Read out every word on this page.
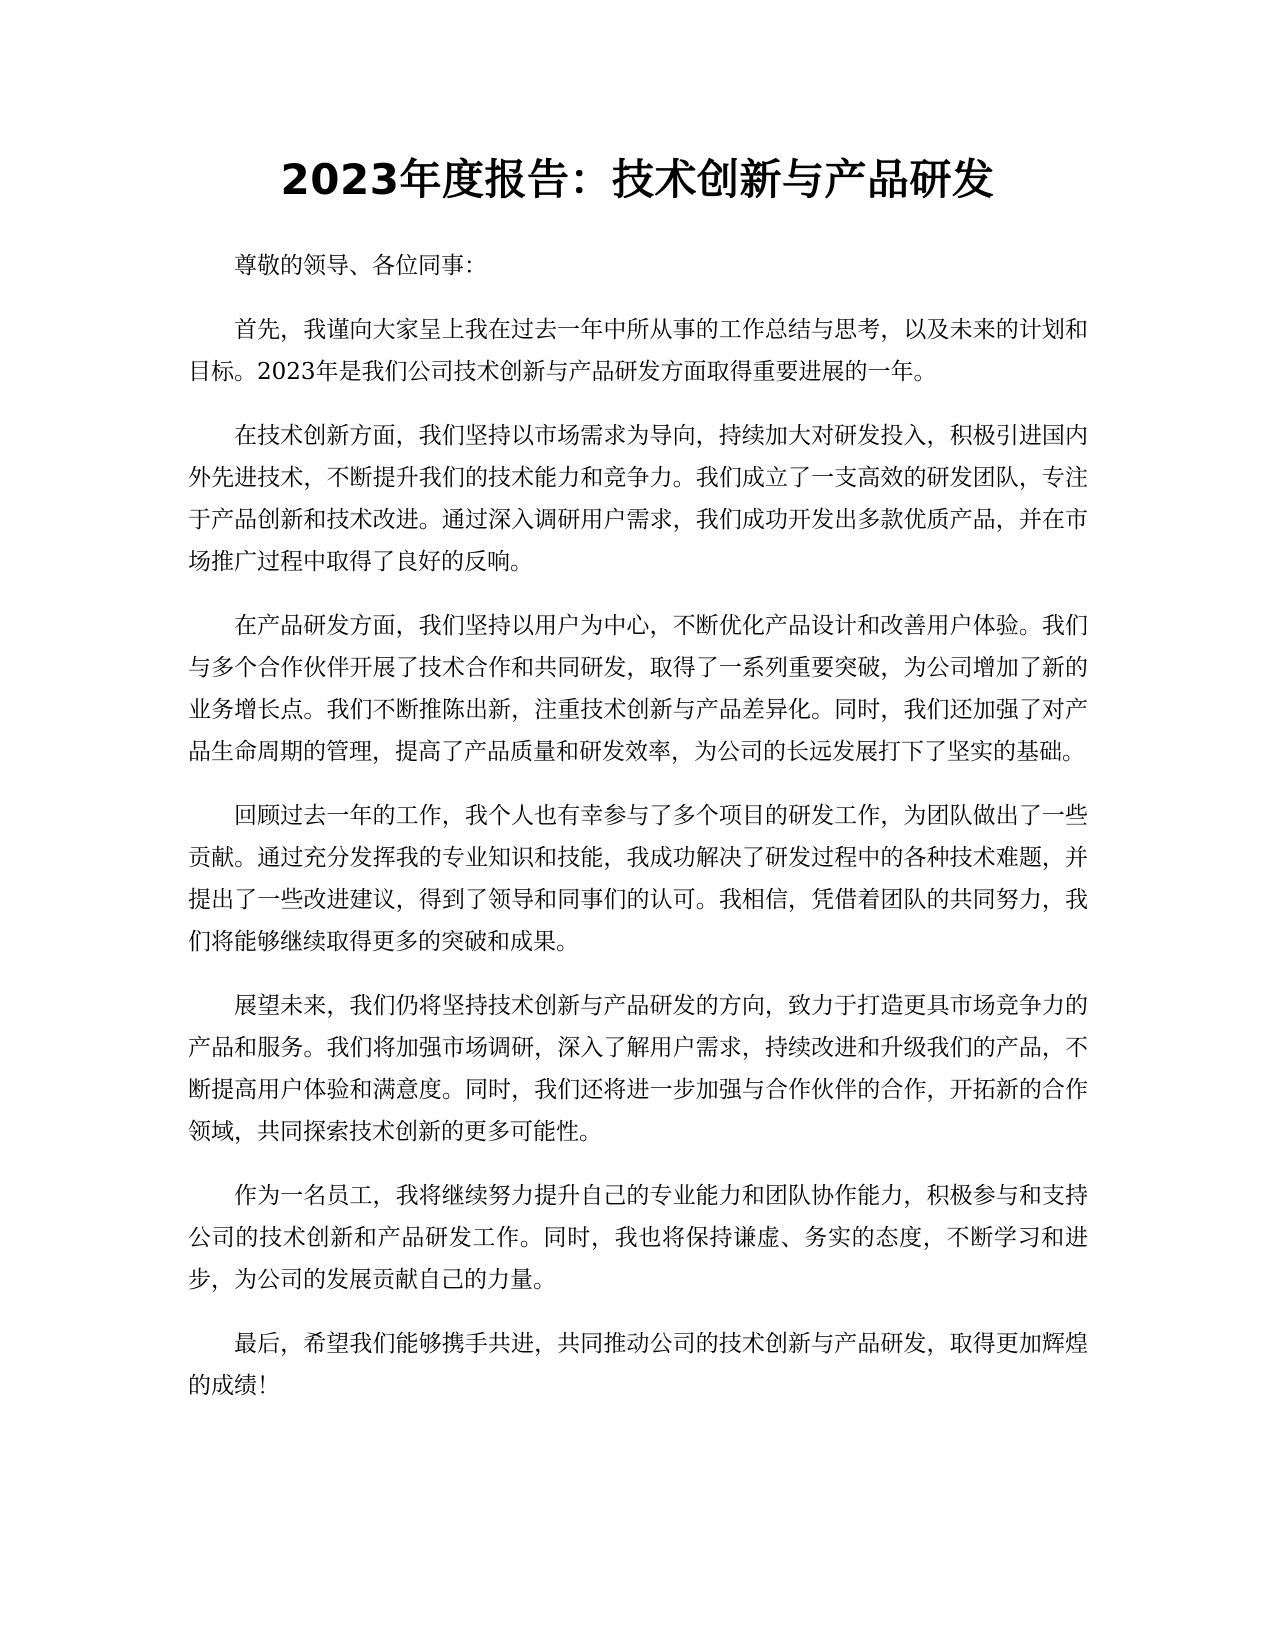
2023年度报告：技术创新与产品研发

尊敬的领导、各位同事：

首先，我谨向大家呈上我在过去一年中所从事的工作总结与思考，以及未来的计划和目标。2023年是我们公司技术创新与产品研发方面取得重要进展的一年。

在技术创新方面，我们坚持以市场需求为导向，持续加大对研发投入，积极引进国内外先进技术，不断提升我们的技术能力和竞争力。我们成立了一支高效的研发团队，专注于产品创新和技术改进。通过深入调研用户需求，我们成功开发出多款优质产品，并在市场推广过程中取得了良好的反响。

在产品研发方面，我们坚持以用户为中心，不断优化产品设计和改善用户体验。我们与多个合作伙伴开展了技术合作和共同研发，取得了一系列重要突破，为公司增加了新的业务增长点。我们不断推陈出新，注重技术创新与产品差异化。同时，我们还加强了对产品生命周期的管理，提高了产品质量和研发效率，为公司的长远发展打下了坚实的基础。

回顾过去一年的工作，我个人也有幸参与了多个项目的研发工作，为团队做出了一些贡献。通过充分发挥我的专业知识和技能，我成功解决了研发过程中的各种技术难题，并提出了一些改进建议，得到了领导和同事们的认可。我相信，凭借着团队的共同努力，我们将能够继续取得更多的突破和成果。

展望未来，我们仍将坚持技术创新与产品研发的方向，致力于打造更具市场竞争力的产品和服务。我们将加强市场调研，深入了解用户需求，持续改进和升级我们的产品，不断提高用户体验和满意度。同时，我们还将进一步加强与合作伙伴的合作，开拓新的合作领域，共同探索技术创新的更多可能性。

作为一名员工，我将继续努力提升自己的专业能力和团队协作能力，积极参与和支持公司的技术创新和产品研发工作。同时，我也将保持谦虚、务实的态度，不断学习和进步，为公司的发展贡献自己的力量。

最后，希望我们能够携手共进，共同推动公司的技术创新与产品研发，取得更加辉煌的成绩！
